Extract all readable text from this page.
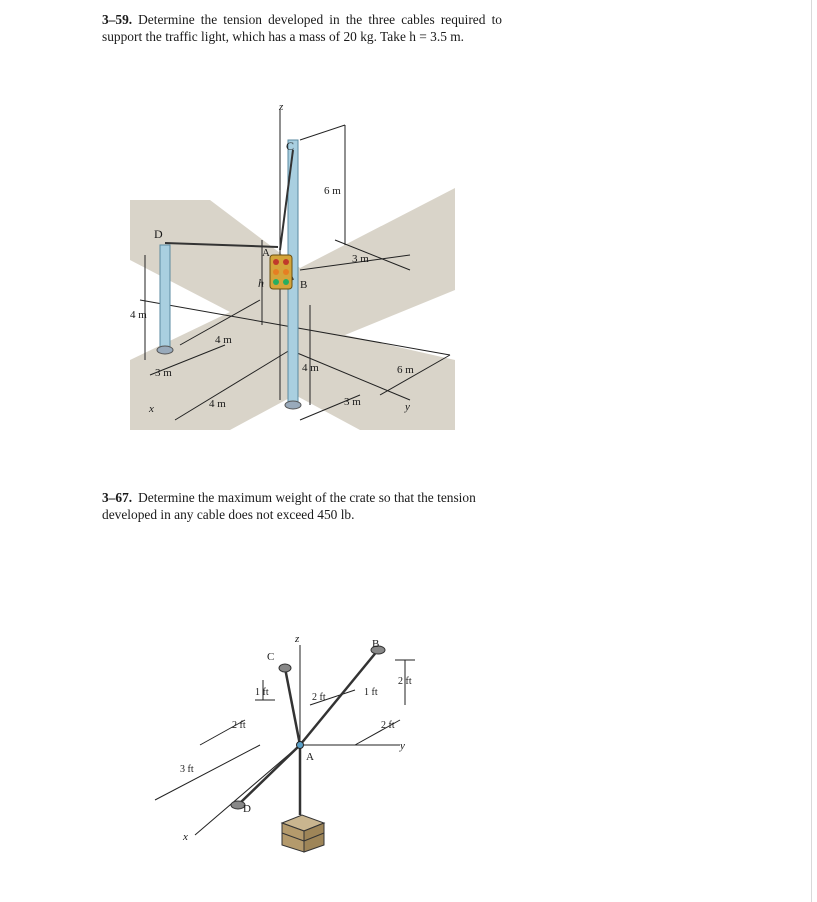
3–59. Determine the tension developed in the three cables required to support the traffic light, which has a mass of 20 kg. Take h = 3.5 m.
z
C
D
A
B
h
x	y
6 m
3 m
4 m
4 m
3 m	4 m	6 m
4 m	3 m
3–67. Determine the maximum weight of the crate so that the tension developed in any cable does not exceed 450 lb.
z
C
B
A
D
x
y
1 ft	2 ft	1 ft
2 ft
2 ft	2 ft
3 ft
